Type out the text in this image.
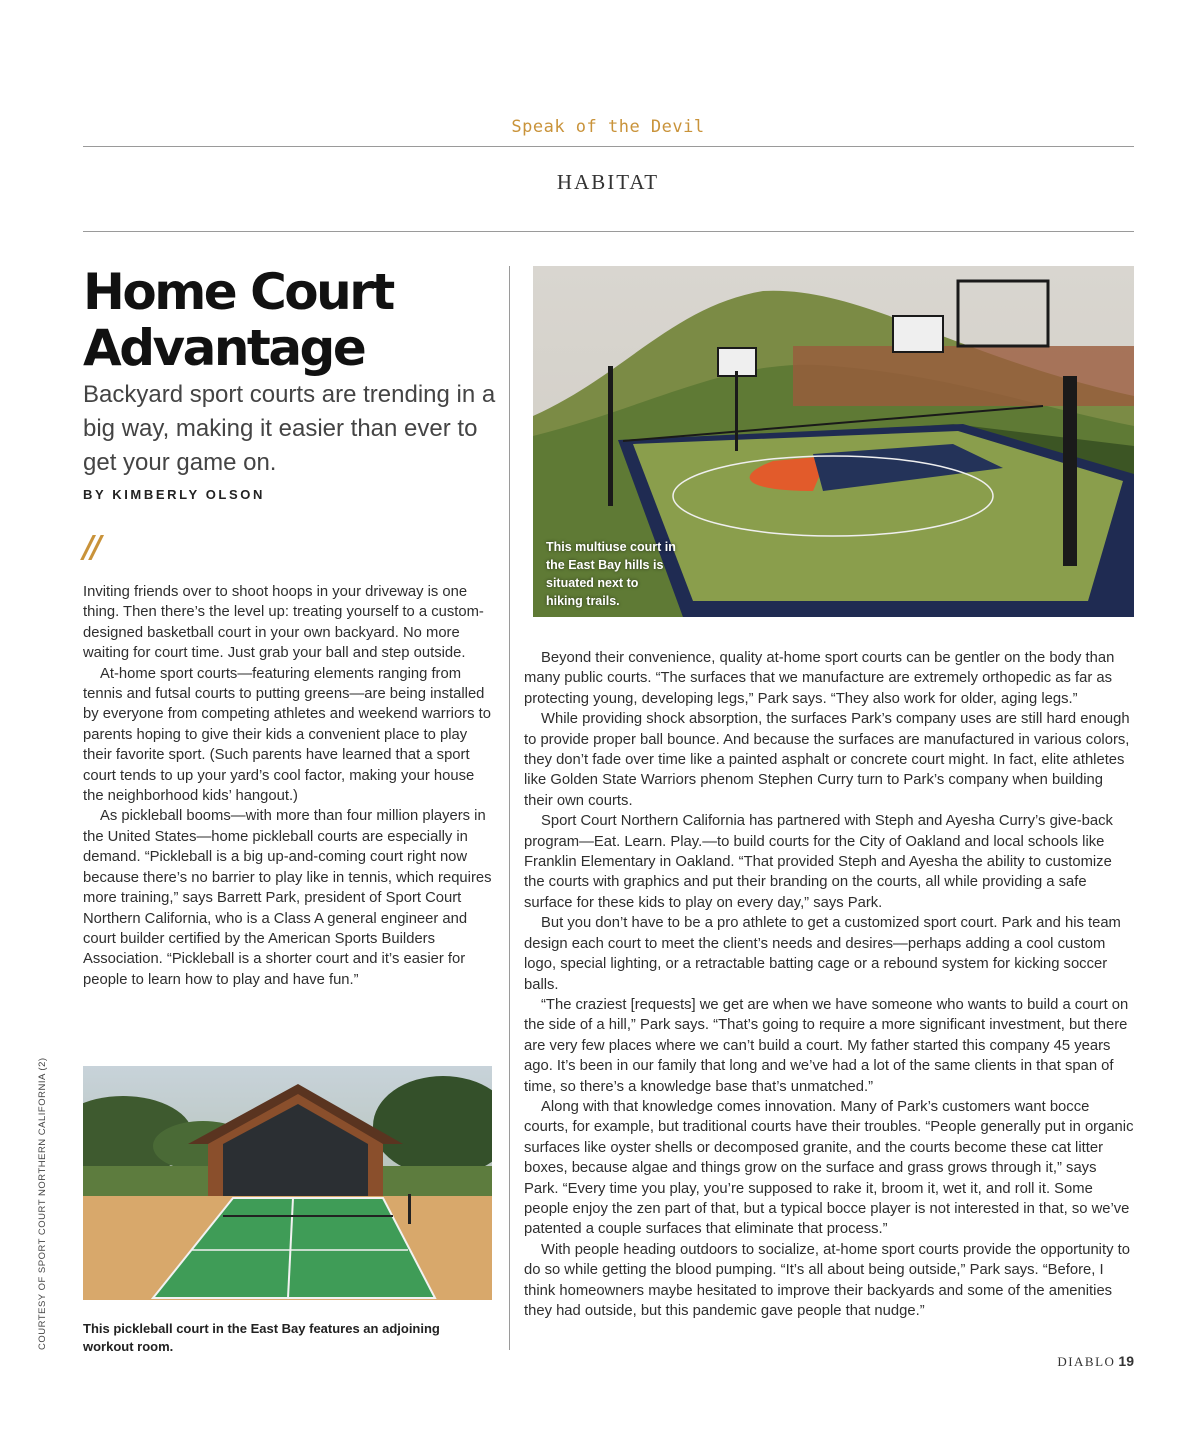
Speak of the Devil
HABITAT
Home Court Advantage
Backyard sport courts are trending in a big way, making it easier than ever to get your game on.
BY KIMBERLY OLSON
//

Inviting friends over to shoot hoops in your driveway is one thing. Then there’s the level up: treating yourself to a custom-designed basketball court in your own backyard. No more waiting for court time. Just grab your ball and step outside.

At-home sport courts—featuring elements ranging from tennis and futsal courts to putting greens—are being installed by everyone from competing athletes and weekend warriors to parents hoping to give their kids a convenient place to play their favorite sport. (Such parents have learned that a sport court tends to up your yard’s cool factor, making your house the neighborhood kids’ hangout.)

As pickleball booms—with more than four million players in the United States—home pickleball courts are especially in demand. “Pickleball is a big up-and-coming court right now because there’s no barrier to play like in tennis, which requires more training,” says Barrett Park, president of Sport Court Northern California, who is a Class A general engineer and court builder certified by the American Sports Builders Association. “Pickleball is a shorter court and it’s easier for people to learn how to play and have fun.”

This pickleball court in the East Bay features an adjoining workout room.
This multiuse court in the East Bay hills is situated next to hiking trails.

Beyond their convenience, quality at-home sport courts can be gentler on the body than many public courts. “The surfaces that we manufacture are extremely orthopedic as far as protecting young, developing legs,” Park says. “They also work for older, aging legs.”

While providing shock absorption, the surfaces Park’s company uses are still hard enough to provide proper ball bounce. And because the surfaces are manufactured in various colors, they don’t fade over time like a painted asphalt or concrete court might. In fact, elite athletes like Golden State Warriors phenom Stephen Curry turn to Park’s company when building their own courts.

Sport Court Northern California has partnered with Steph and Ayesha Curry’s give-back program—Eat. Learn. Play.—to build courts for the City of Oakland and local schools like Franklin Elementary in Oakland. “That provided Steph and Ayesha the ability to customize the courts with graphics and put their branding on the courts, all while providing a safe surface for these kids to play on every day,” says Park.

But you don’t have to be a pro athlete to get a customized sport court. Park and his team design each court to meet the client’s needs and desires—perhaps adding a cool custom logo, special lighting, or a retractable batting cage or a rebound system for kicking soccer balls.

“The craziest [requests] we get are when we have someone who wants to build a court on the side of a hill,” Park says. “That’s going to require a more significant investment, but there are very few places where we can’t build a court. My father started this company 45 years ago. It’s been in our family that long and we’ve had a lot of the same clients in that span of time, so there’s a knowledge base that’s unmatched.”

Along with that knowledge comes innovation. Many of Park’s customers want bocce courts, for example, but traditional courts have their troubles. “People generally put in organic surfaces like oyster shells or decomposed granite, and the courts become these cat litter boxes, because algae and things grow on the surface and grass grows through it,” says Park. “Every time you play, you’re supposed to rake it, broom it, wet it, and roll it. Some people enjoy the zen part of that, but a typical bocce player is not interested in that, so we’ve patented a couple surfaces that eliminate that process.”

With people heading outdoors to socialize, at-home sport courts provide the opportunity to do so while getting the blood pumping. “It’s all about being outside,” Park says. “Before, I think homeowners maybe hesitated to improve their backyards and some of the amenities they had outside, but this pandemic gave people that nudge.”

COURTESY OF SPORT COURT NORTHERN CALIFORNIA (2)
DIABLO 19
